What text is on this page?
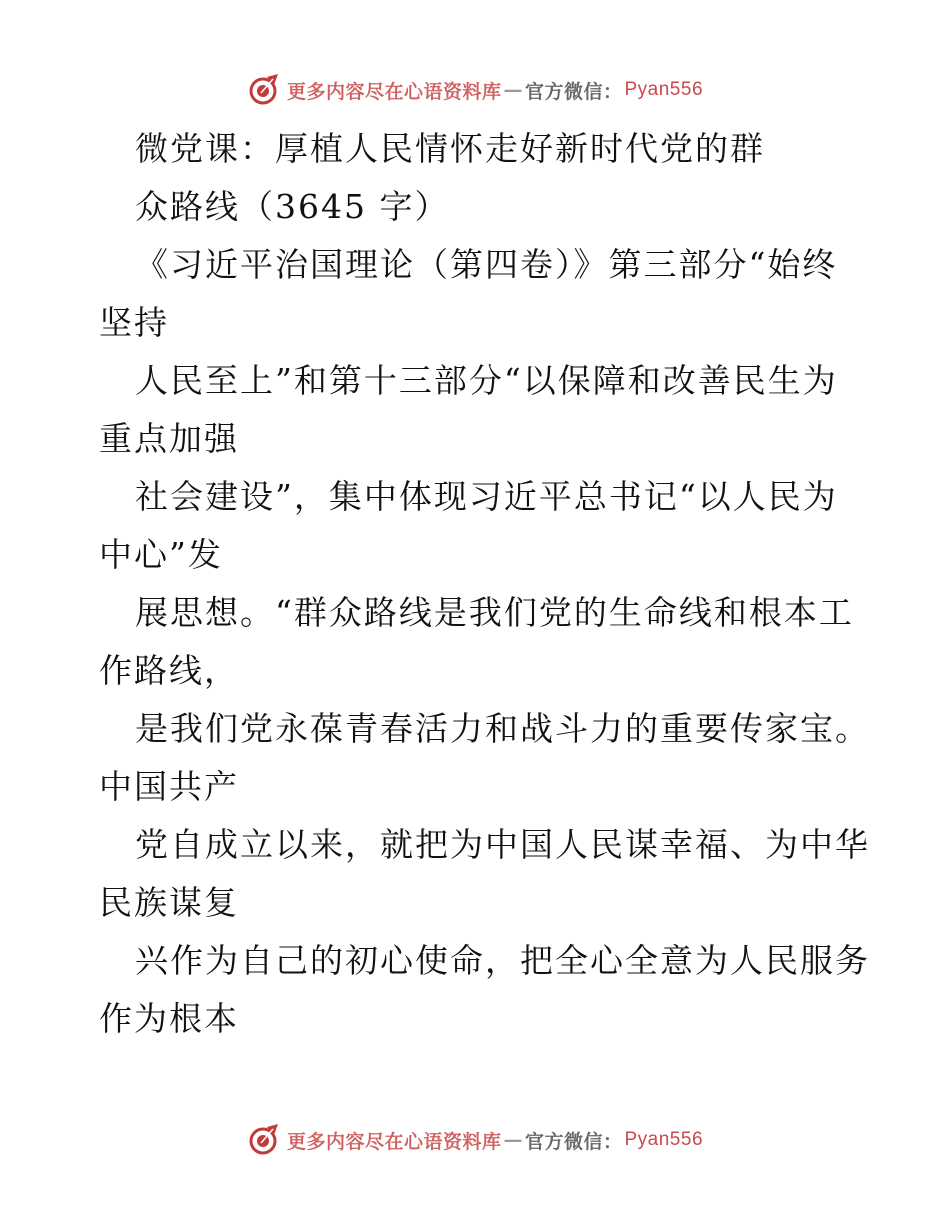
更多内容尽在心语资料库 — 官方微信： Pyan556
微党课：厚植人民情怀走好新时代党的群
众路线（3645 字）
《习近平治国理论（第四卷）》第三部分“始终
坚持
人民至上”和第十三部分“以保障和改善民生为
重点加强
社会建设”，集中体现习近平总书记“以人民为
中心”发
展思想。“群众路线是我们党的生命线和根本工
作路线，
是我们党永葆青春活力和战斗力的重要传家宝。
中国共产
党自成立以来，就把为中国人民谋幸福、为中华
民族谋复
兴作为自己的初心使命，把全心全意为人民服务
作为根本
更多内容尽在心语资料库 — 官方微信： Pyan556
